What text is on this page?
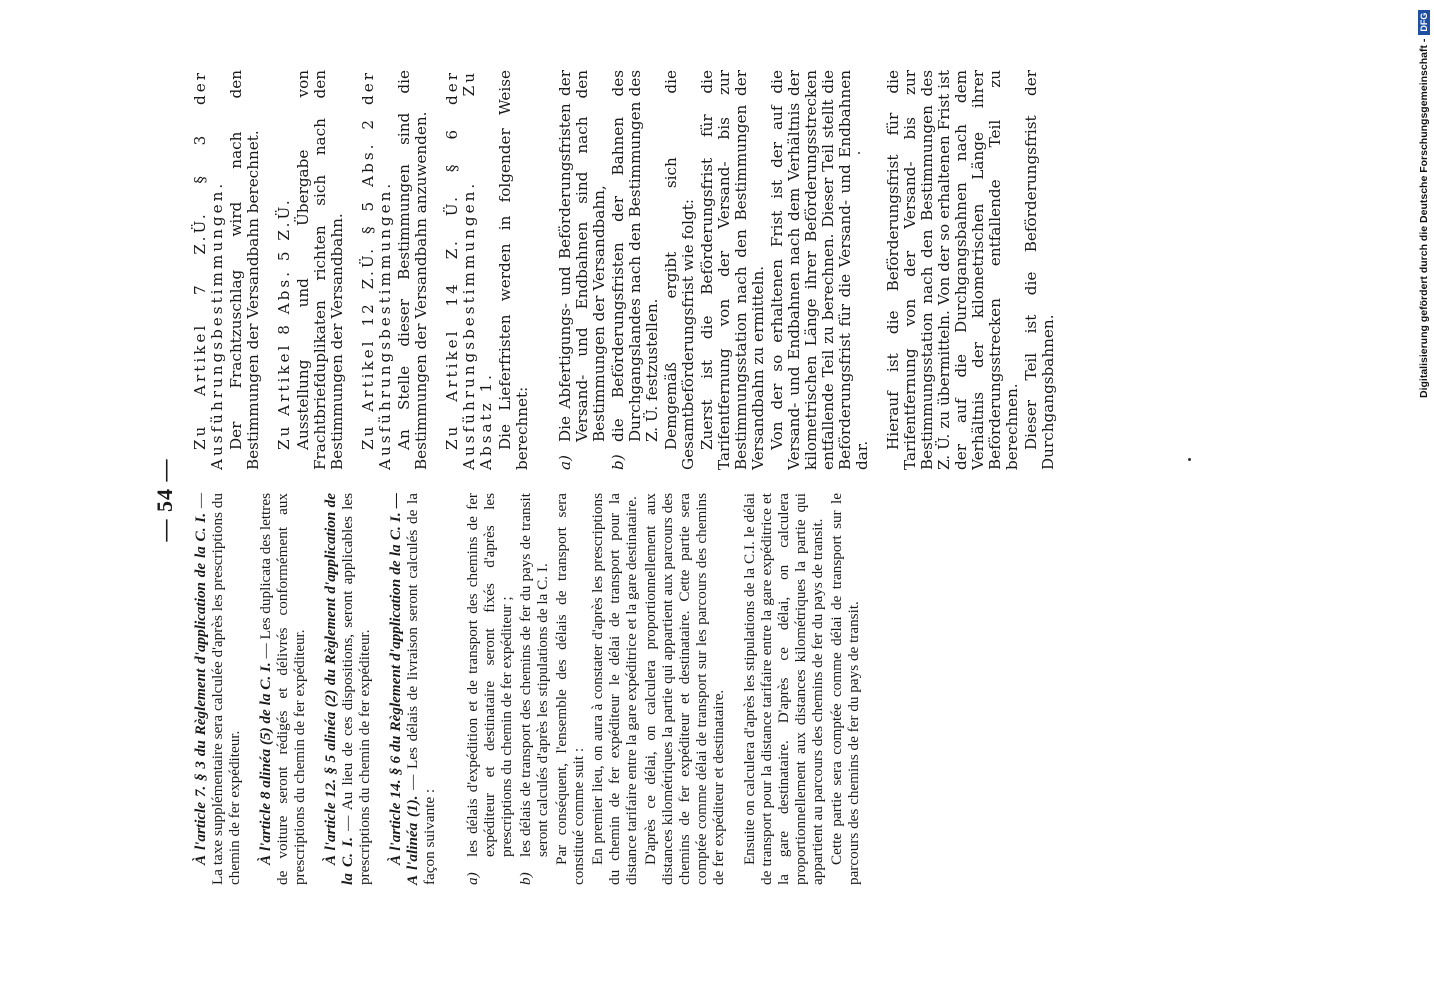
— 54 —

À l'article 7. § 3 du Règlement d'application de la C. I. — La taxe supplémentaire sera calculée d'après les prescriptions du chemin de fer expéditeur. À l'article 8 alinéa (5) de la C. I. — Les duplicata des lettres de voiture seront rédigés et délivrés conformément aux prescriptions du chemin de fer expéditeur. À l'article 12. § 5 alinéa (2) du Règlement d'application de la C. I. — Au lieu de ces dispositions, seront applicables les prescriptions du chemin de fer expéditeur. À l'article 14. § 6 du Règlement d'application de la C. I. — A l'alinéa (1). — Les délais de livraison seront calculés de la façon suivante : a)les délais d'expédition et de transport des chemins de fer expéditeur et destinataire seront fixés d'après les prescriptions du chemin de fer expéditeur ;
b)les délais de transport des chemins de fer du pays de transit seront calculés d'après les stipulations de la C. I. Par conséquent, l'ensemble des délais de transport sera constitué comme suit : En premier lieu, on aura à constater d'après les prescriptions du chemin de fer expéditeur le délai de transport pour la distance tarifaire entre la gare expéditrice et la gare destinataire. D'après ce délai, on calculera proportionnellement aux distances kilométriques la partie qui appartient aux parcours des chemins de fer expéditeur et destinataire. Cette partie sera comptée comme délai de transport sur les parcours des chemins de fer expéditeur et destinataire. Ensuite on calculera d'après les stipulations de la C.I. le délai de transport pour la distance tarifaire entre la gare expéditrice et la gare destinataire. D'après ce délai, on calculera proportionnellement aux distances kilométriques la partie qui appartient au parcours des chemins de fer du pays de transit. Cette partie sera comptée comme délai de transport sur le parcours des chemins de fer du pays de transit.

Zu Artikel 7 Z.Ü. § 3 der Ausführungsbestimmungen. Der Frachtzuschlag wird nach den Bestimmungen der Versandbahn berechnet. Zu Artikel 8 Abs. 5 Z.Ü. Ausstellung und Übergabe von Frachtbriefduplikaten richten sich nach den Bestimmungen der Versandbahn. Zu Artikel 12 Z.Ü. § 5 Abs. 2 der Ausführungsbestimmungen. An Stelle dieser Bestimmungen sind die Bestimmungen der Versandbahn anzuwenden. Zu Artikel 14 Z. Ü. § 6 der Ausführungsbestimmungen. Zu Absatz 1. Die Lieferfristen werden in folgender Weise berechnet: a)Die Abfertigungs- und Beförderungsfristen der Versand- und Endbahnen sind nach den Bestimmungen der Versandbahn,
b)die Beförderungsfristen der Bahnen des Durchgangslandes nach den Bestimmungen des Z. Ü. festzustellen. Demgemäß ergibt sich die Gesamtbeförderungsfrist wie folgt: Zuerst ist die Beförderungsfrist für die Tarifentfernung von der Versand- bis zur Bestimmungsstation nach den Bestimmungen der Versandbahn zu ermitteln. Von der so erhaltenen Frist ist der auf die Versand- und Endbahnen nach dem Verhältnis der kilometrischen Länge ihrer Beförderungsstrecken entfallende Teil zu berechnen. Dieser Teil stellt die Beförderungsfrist für die Versand- und Endbahnen dar.

Hierauf ist die Beförderungsfrist für die Tarifentfernung von der Versand- bis zur Bestimmungsstation nach den Bestimmungen des Z. Ü. zu übermitteln. Von der so erhaltenen Frist ist der auf die Durchgangsbahnen nach dem Verhältnis der kilometrischen Länge ihrer Beförderungsstrecken entfallende Teil zu berechnen. Dieser Teil ist die Beförderungsfrist der Durchgangsbahnen.	Digitalisierung gefördert durch die Deutsche Forschungsgemeinschaft -
DFG
